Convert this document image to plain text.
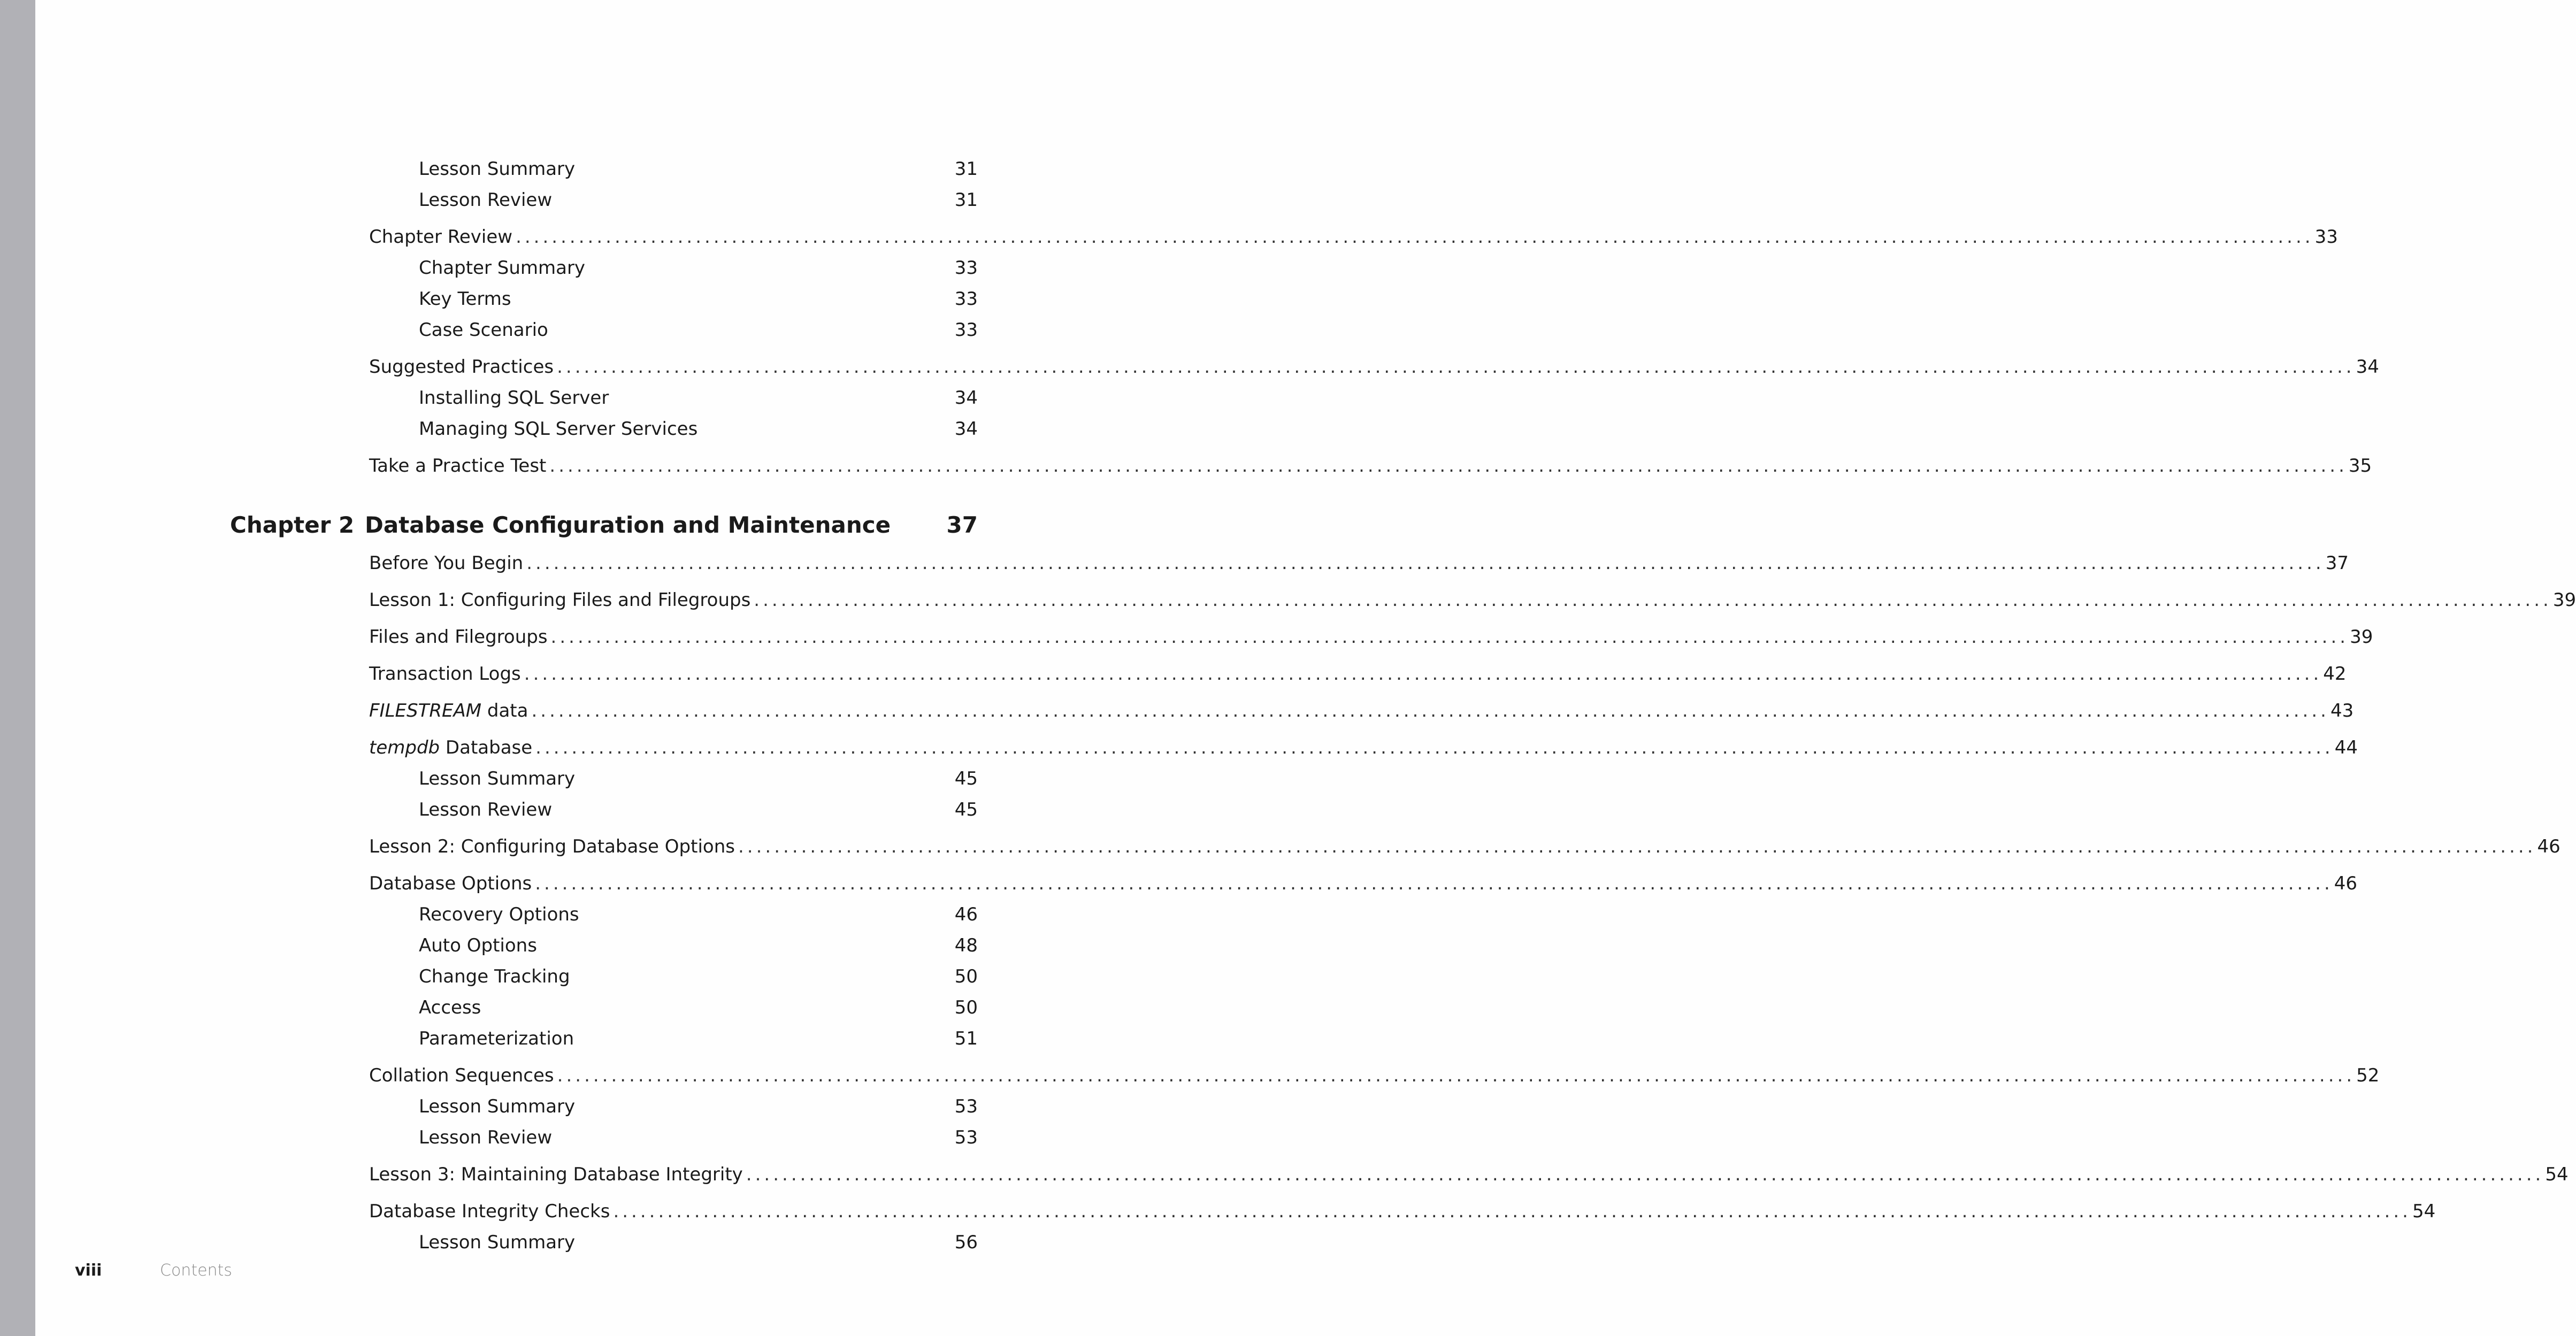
Lesson Summary	31
Lesson Review	31
Chapter Review ........................................................................................................................................................................................................ 33
Chapter Summary	33
Key Terms	33
Case Scenario	33
Suggested Practices ........................................................................................................................................................................................................ 34
Installing SQL Server	34
Managing SQL Server Services	34
Take a Practice Test ........................................................................................................................................................................................................ 35
Chapter 2 Database Configuration and Maintenance	37
Before You Begin ........................................................................................................................................................................................................ 37
Lesson 1: Configuring Files and Filegroups ........................................................................................................................................................................................................ 39
Files and Filegroups ........................................................................................................................................................................................................ 39
Transaction Logs ........................................................................................................................................................................................................ 42
FILESTREAM data ........................................................................................................................................................................................................ 43
tempdb Database ........................................................................................................................................................................................................ 44
Lesson Summary	45
Lesson Review	45
Lesson 2: Configuring Database Options ........................................................................................................................................................................................................ 46
Database Options ........................................................................................................................................................................................................ 46
Recovery Options	46
Auto Options	48
Change Tracking	50
Access	50
Parameterization	51
Collation Sequences ........................................................................................................................................................................................................ 52
Lesson Summary	53
Lesson Review	53
Lesson 3: Maintaining Database Integrity ........................................................................................................................................................................................................ 54
Database Integrity Checks ........................................................................................................................................................................................................ 54
Lesson Summary	56
viii	Contents
